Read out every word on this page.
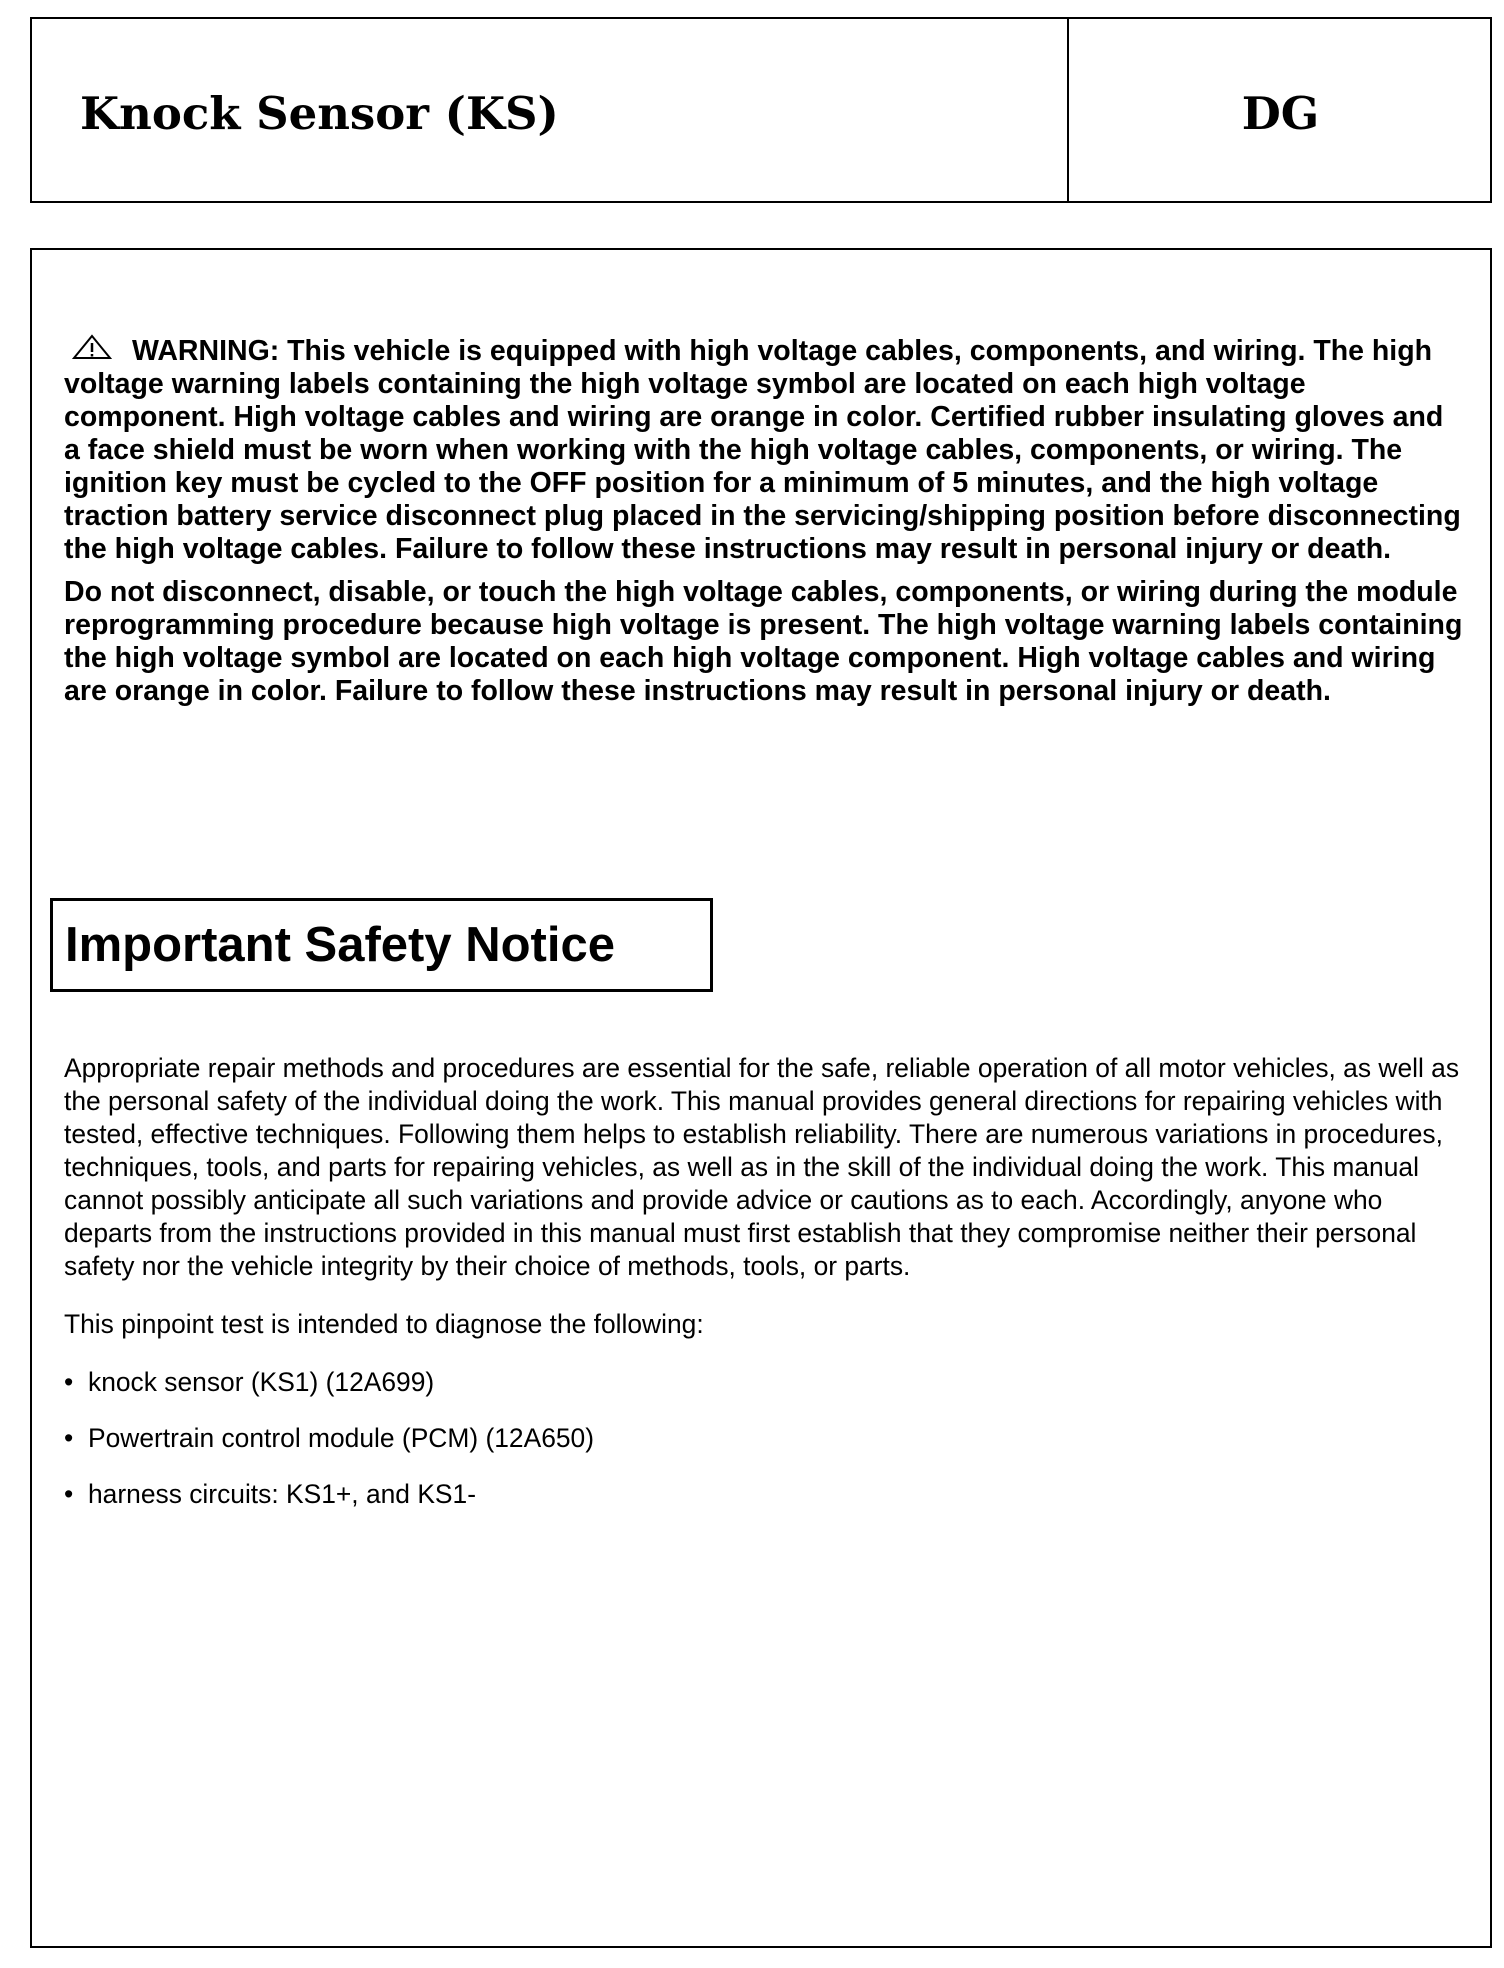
Knock Sensor (KS)	DG

WARNING: This vehicle is equipped with high voltage cables, components, and wiring. The high voltage warning labels containing the high voltage symbol are located on each high voltage component. High voltage cables and wiring are orange in color. Certified rubber insulating gloves and a face shield must be worn when working with the high voltage cables, components, or wiring. The ignition key must be cycled to the OFF position for a minimum of 5 minutes, and the high voltage traction battery service disconnect plug placed in the servicing/shipping position before disconnecting the high voltage cables. Failure to follow these instructions may result in personal injury or death.

Do not disconnect, disable, or touch the high voltage cables, components, or wiring during the module reprogramming procedure because high voltage is present. The high voltage warning labels containing the high voltage symbol are located on each high voltage component. High voltage cables and wiring are orange in color. Failure to follow these instructions may result in personal injury or death.

Important Safety Notice

Appropriate repair methods and procedures are essential for the safe, reliable operation of all motor vehicles, as well as the personal safety of the individual doing the work. This manual provides general directions for repairing vehicles with tested, effective techniques. Following them helps to establish reliability. There are numerous variations in procedures, techniques, tools, and parts for repairing vehicles, as well as in the skill of the individual doing the work. This manual cannot possibly anticipate all such variations and provide advice or cautions as to each. Accordingly, anyone who departs from the instructions provided in this manual must first establish that they compromise neither their personal safety nor the vehicle integrity by their choice of methods, tools, or parts.

This pinpoint test is intended to diagnose the following:

• knock sensor (KS1) (12A699)
• Powertrain control module (PCM) (12A650)
• harness circuits: KS1+, and KS1-
